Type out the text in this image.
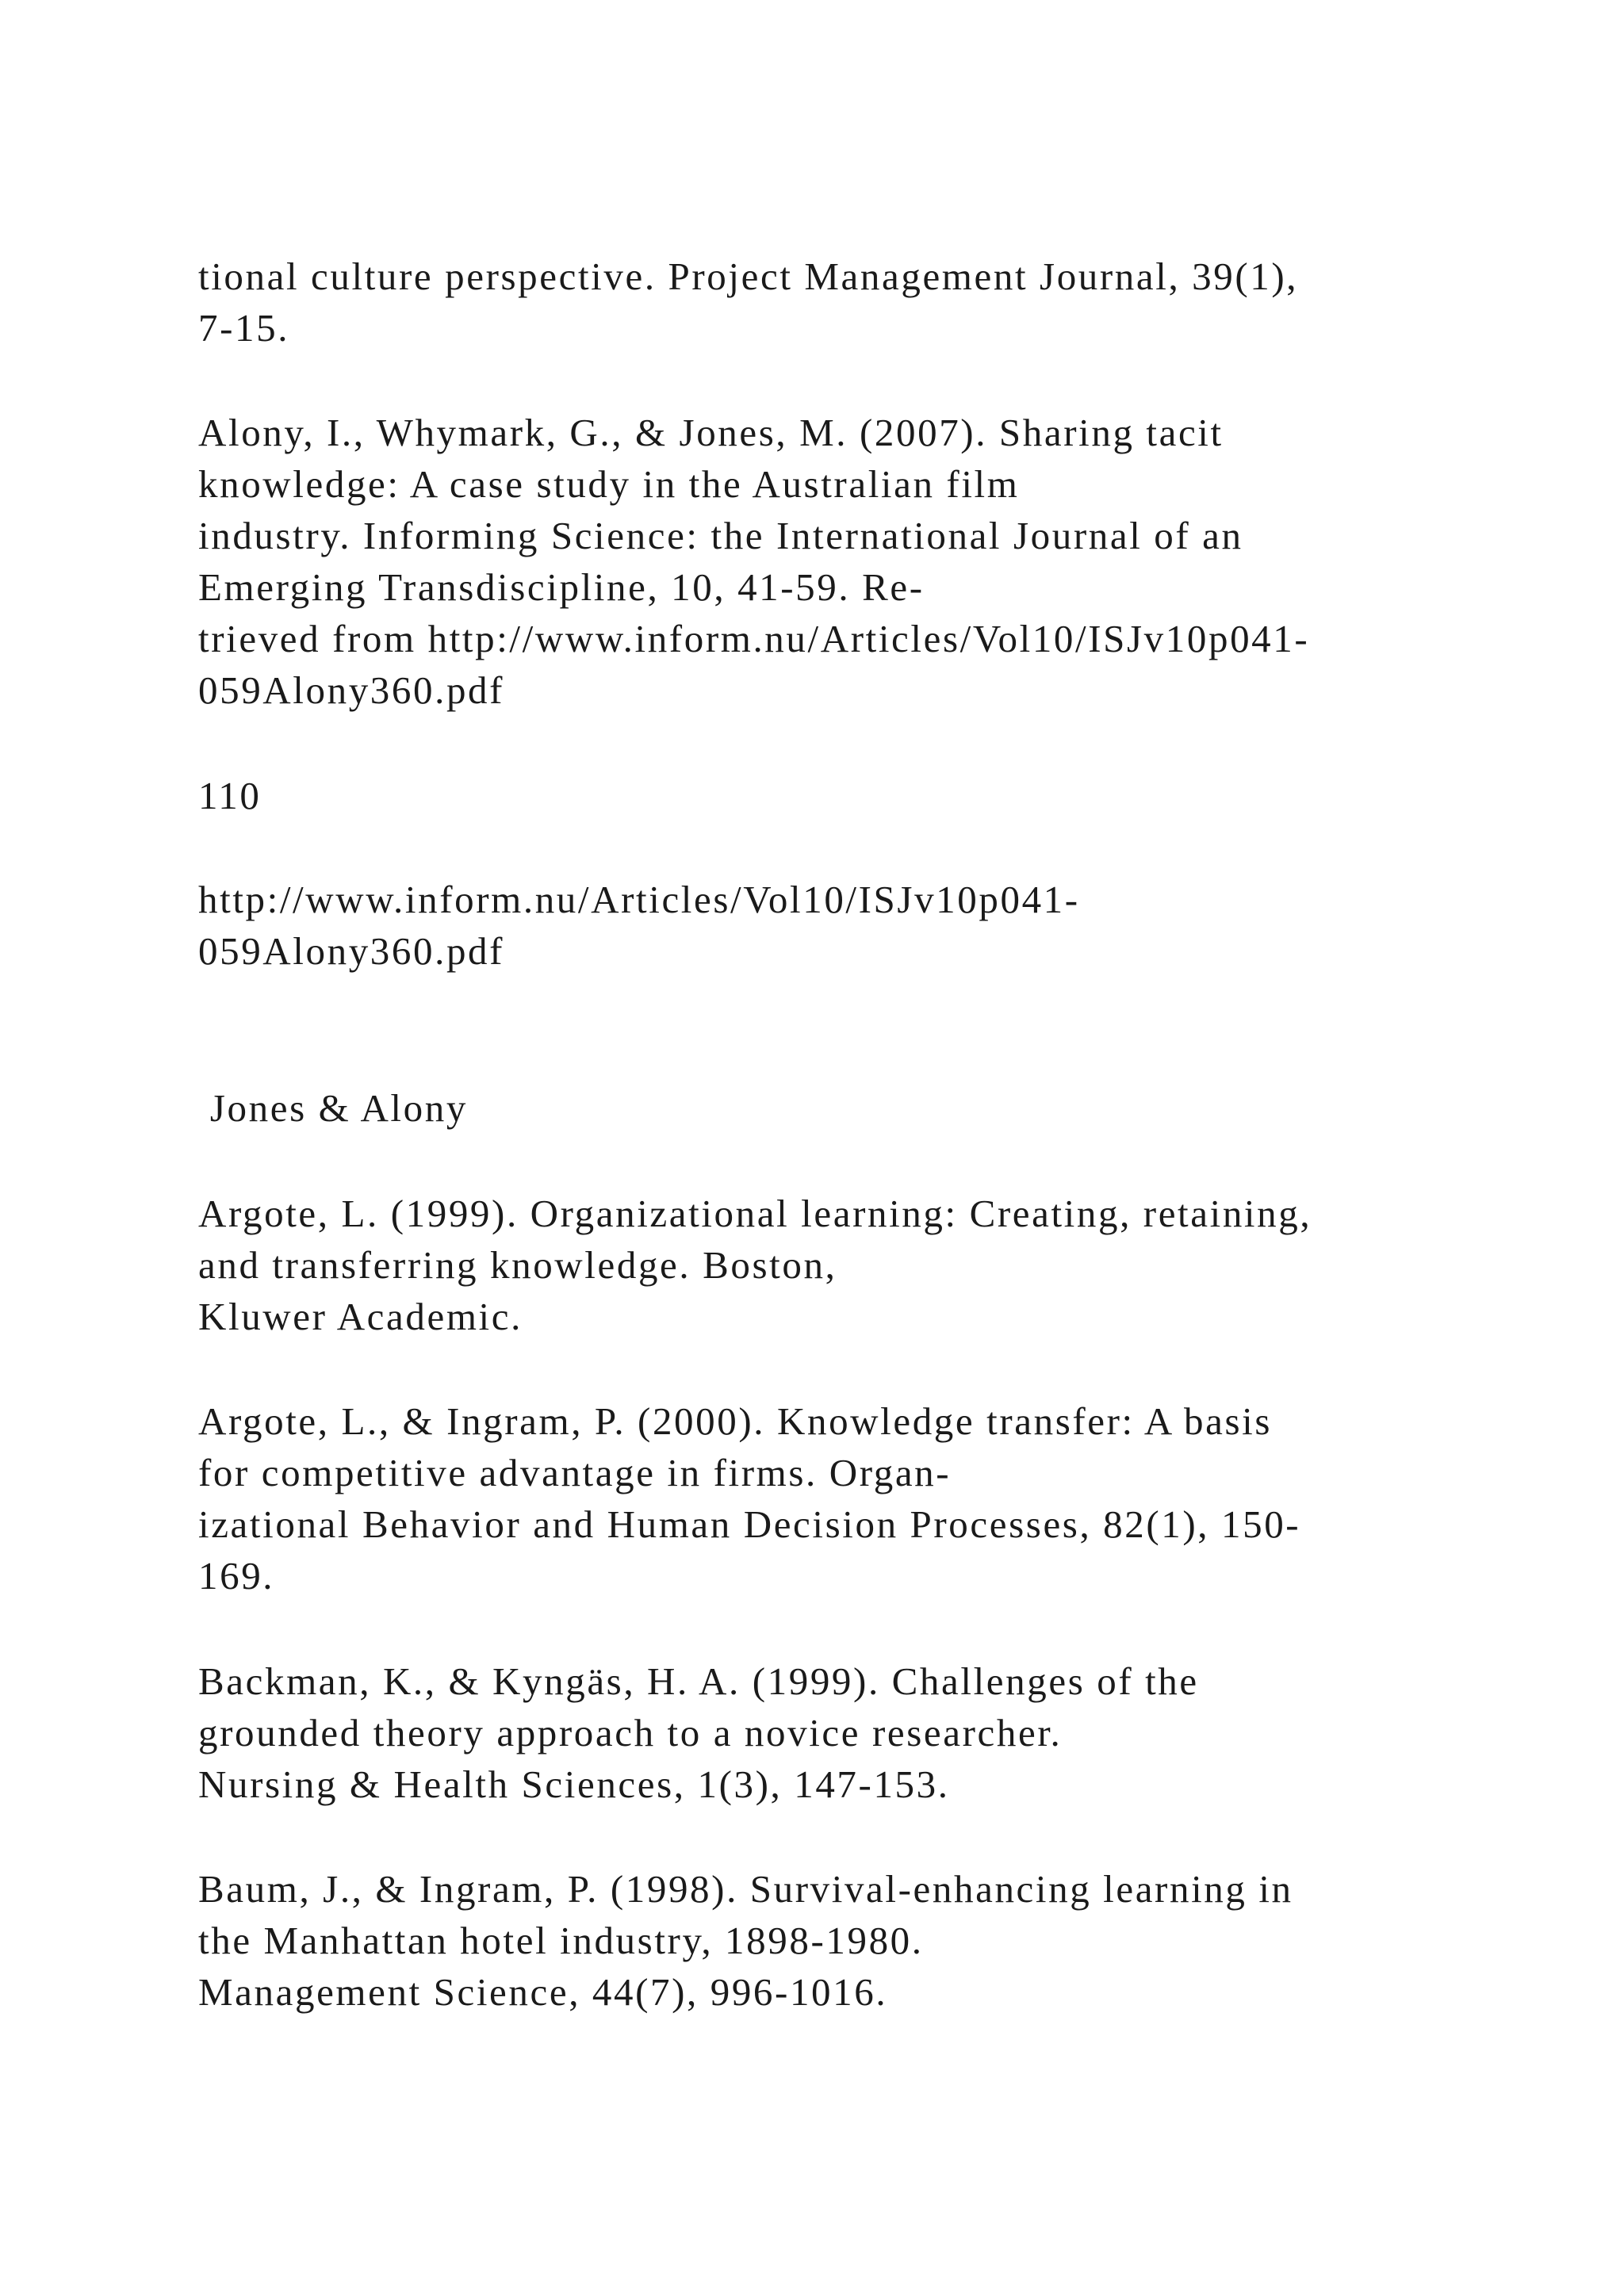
tional culture perspective. Project Management Journal, 39(1),
7-15.
Alony, I., Whymark, G., & Jones, M. (2007). Sharing tacit
knowledge: A case study in the Australian film
industry. Informing Science: the International Journal of an
Emerging Transdiscipline, 10, 41-59. Re-
trieved from http://www.inform.nu/Articles/Vol10/ISJv10p041-
059Alony360.pdf
110
http://www.inform.nu/Articles/Vol10/ISJv10p041-
059Alony360.pdf
Jones & Alony
Argote, L. (1999). Organizational learning: Creating, retaining,
and transferring knowledge. Boston,
Kluwer Academic.
Argote, L., & Ingram, P. (2000). Knowledge transfer: A basis
for competitive advantage in firms. Organ-
izational Behavior and Human Decision Processes, 82(1), 150-
169.
Backman, K., & Kyngäs, H. A. (1999). Challenges of the
grounded theory approach to a novice researcher.
Nursing & Health Sciences, 1(3), 147-153.
Baum, J., & Ingram, P. (1998). Survival-enhancing learning in
the Manhattan hotel industry, 1898-1980.
Management Science, 44(7), 996-1016.
